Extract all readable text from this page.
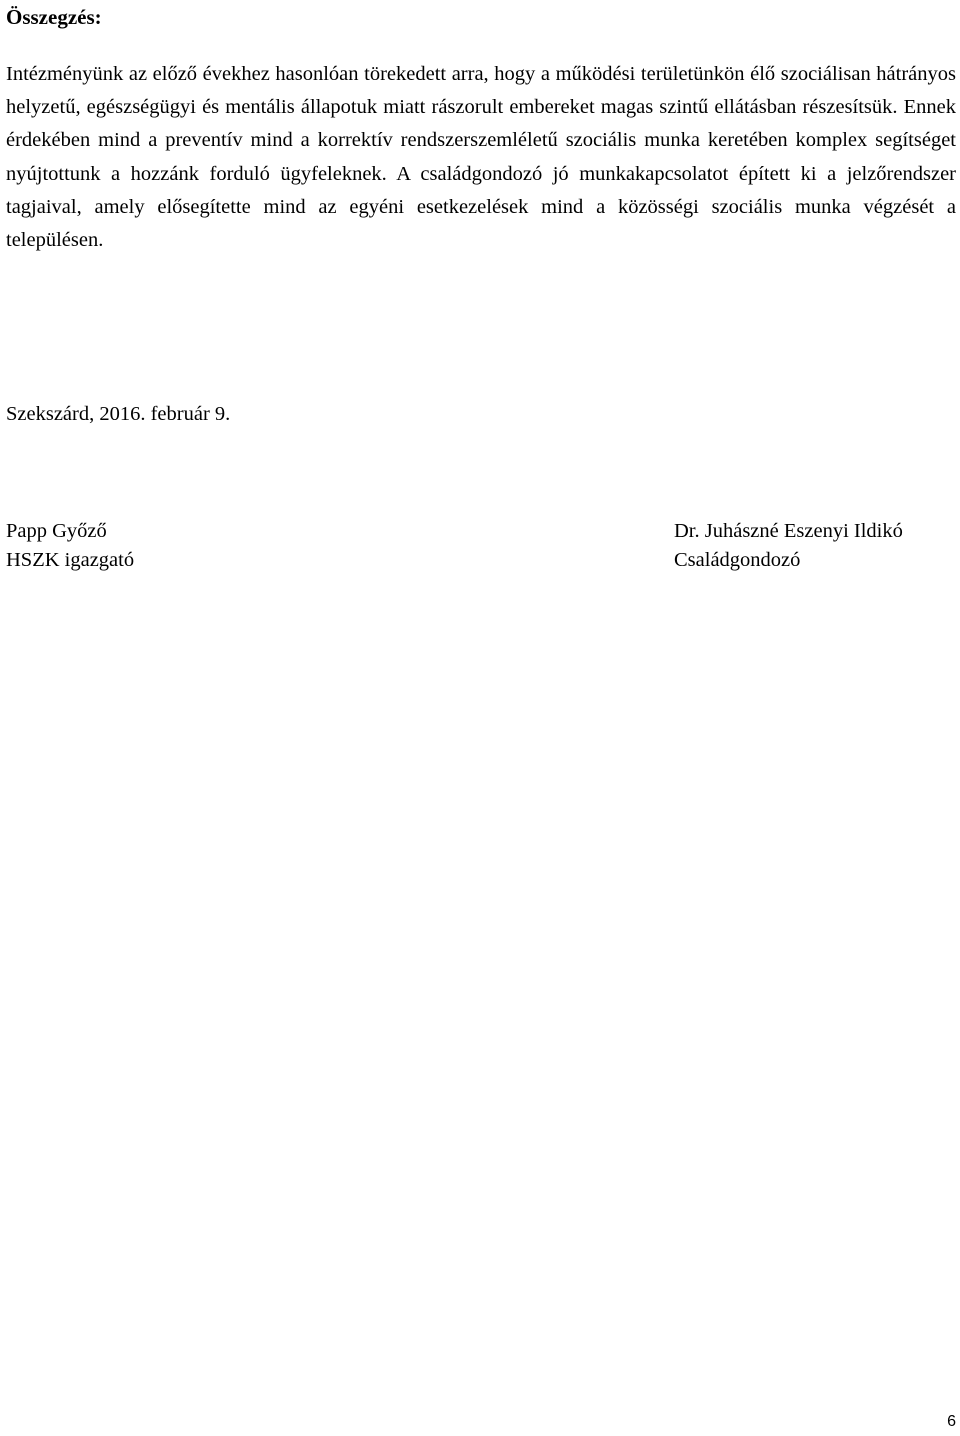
Összegzés:

Intézményünk az előző évekhez hasonlóan törekedett arra, hogy a működési területünkön élő szociálisan hátrányos helyzetű, egészségügyi és mentális állapotuk miatt rászorult embereket magas szintű ellátásban részesítsük. Ennek érdekében mind a preventív mind a korrektív rendszerszemléletű szociális munka keretében komplex segítséget nyújtottunk a hozzánk forduló ügyfeleknek. A családgondozó jó munkakapcsolatot épített ki a jelzőrendszer tagjaival, amely elősegítette mind az egyéni esetkezelések mind a közösségi szociális munka végzését a településen.

Szekszárd, 2016. február 9.

Papp Győző
HSZK igazgató
Dr. Juhászné Eszenyi Ildikó
Családgondozó
6
